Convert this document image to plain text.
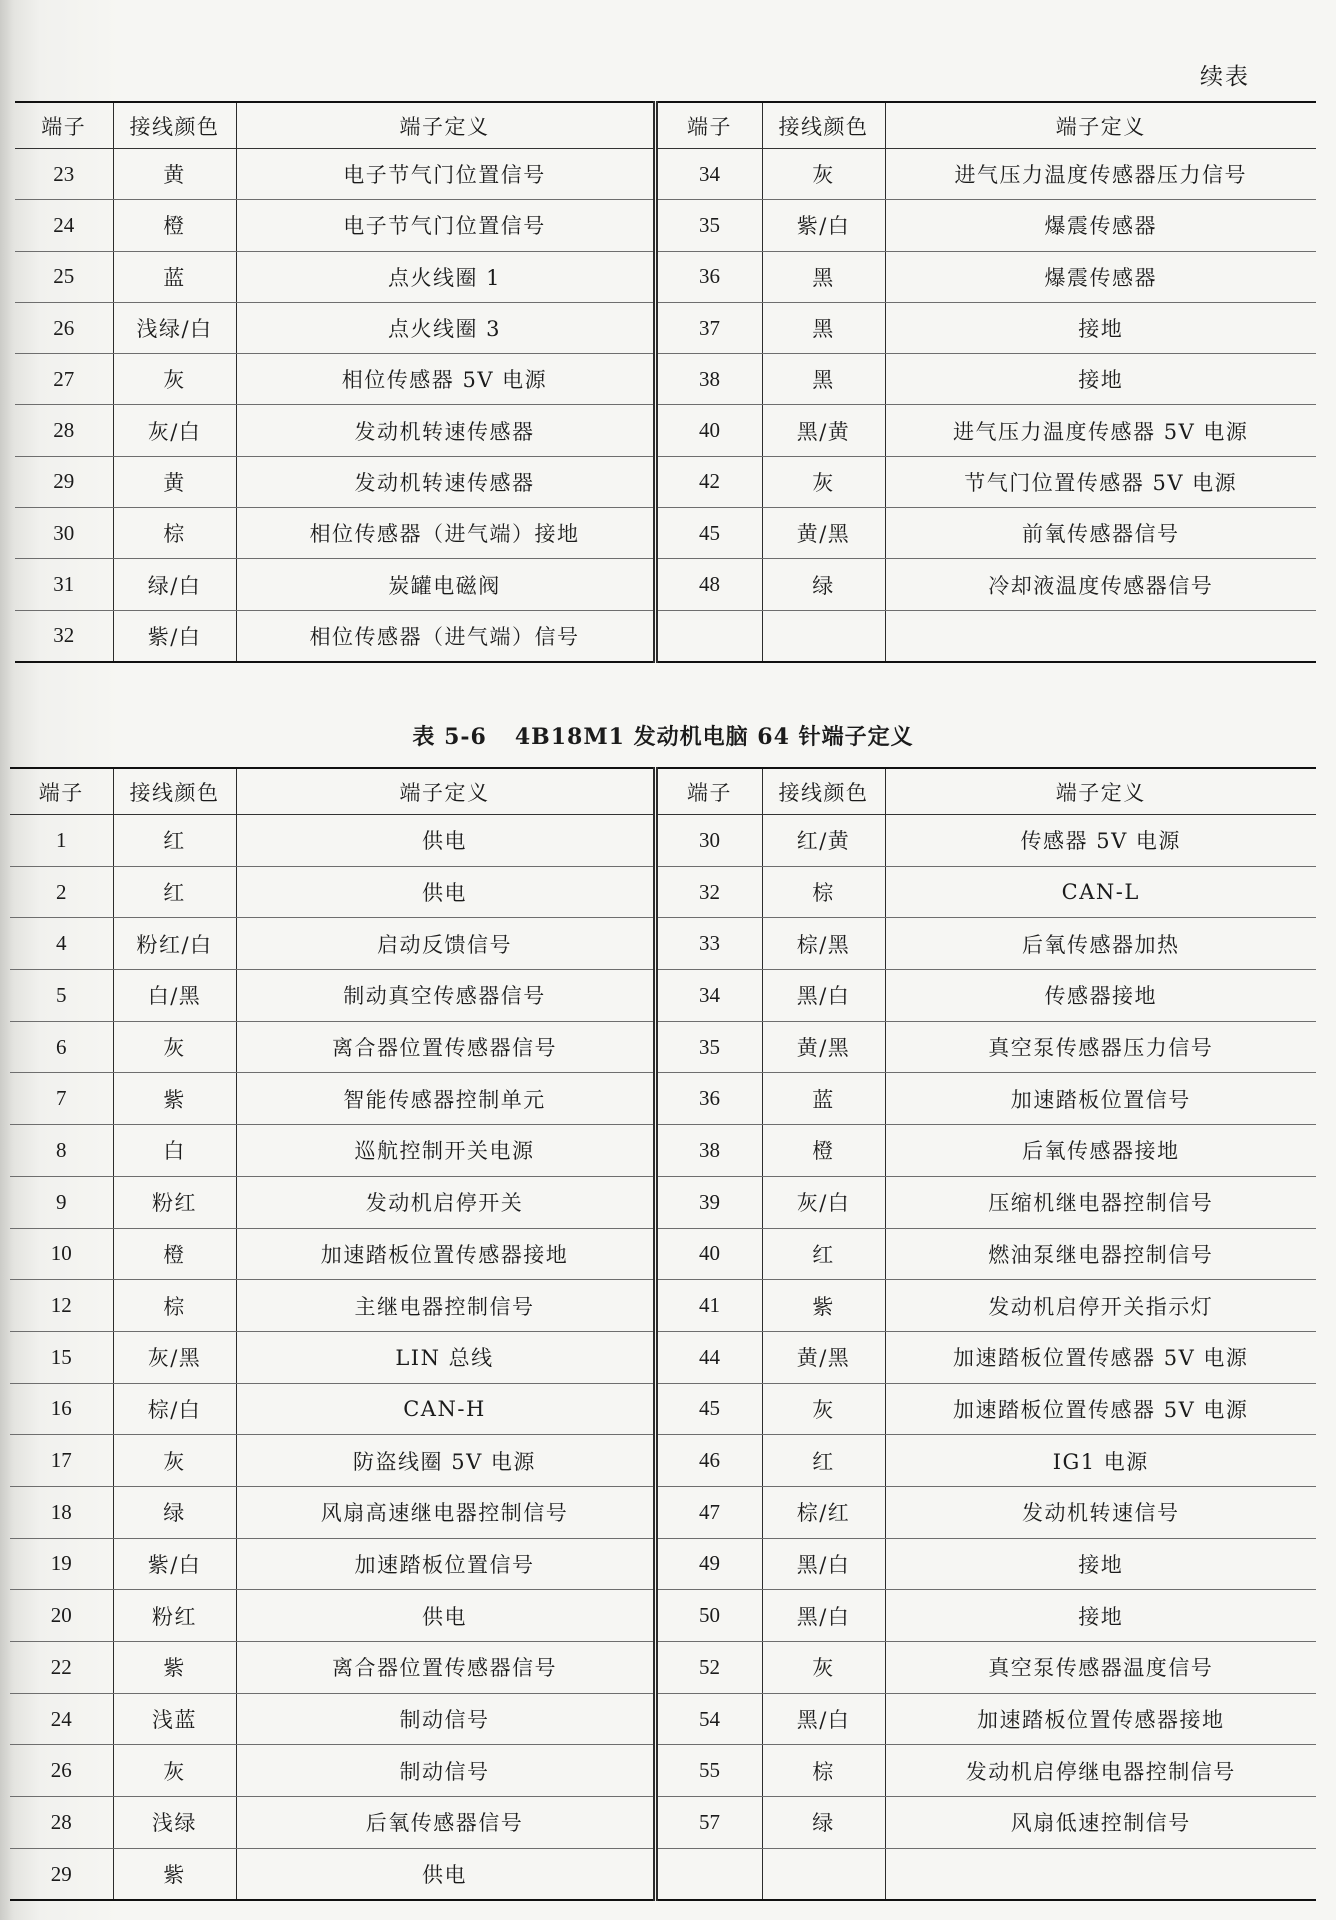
续表
端子	接线颜色	端子定义	端子	接线颜色	端子定义
23	黄	电子节气门位置信号	34	灰	进气压力温度传感器压力信号
24	橙	电子节气门位置信号	35	紫/白	爆震传感器
25	蓝	点火线圈 1	36	黑	爆震传感器
26	浅绿/白	点火线圈 3	37	黑	接地
27	灰	相位传感器 5V 电源	38	黑	接地
28	灰/白	发动机转速传感器	40	黑/黄	进气压力温度传感器 5V 电源
29	黄	发动机转速传感器	42	灰	节气门位置传感器 5V 电源
30	棕	相位传感器（进气端）接地	45	黄/黑	前氧传感器信号
31	绿/白	炭罐电磁阀	48	绿	冷却液温度传感器信号
32	紫/白	相位传感器（进气端）信号			
表 5-6 4B18M1 发动机电脑 64 针端子定义
端子	接线颜色	端子定义	端子	接线颜色	端子定义
1	红	供电	30	红/黄	传感器 5V 电源
2	红	供电	32	棕	CAN-L
4	粉红/白	启动反馈信号	33	棕/黑	后氧传感器加热
5	白/黑	制动真空传感器信号	34	黑/白	传感器接地
6	灰	离合器位置传感器信号	35	黄/黑	真空泵传感器压力信号
7	紫	智能传感器控制单元	36	蓝	加速踏板位置信号
8	白	巡航控制开关电源	38	橙	后氧传感器接地
9	粉红	发动机启停开关	39	灰/白	压缩机继电器控制信号
10	橙	加速踏板位置传感器接地	40	红	燃油泵继电器控制信号
12	棕	主继电器控制信号	41	紫	发动机启停开关指示灯
15	灰/黑	LIN 总线	44	黄/黑	加速踏板位置传感器 5V 电源
16	棕/白	CAN-H	45	灰	加速踏板位置传感器 5V 电源
17	灰	防盗线圈 5V 电源	46	红	IG1 电源
18	绿	风扇高速继电器控制信号	47	棕/红	发动机转速信号
19	紫/白	加速踏板位置信号	49	黑/白	接地
20	粉红	供电	50	黑/白	接地
22	紫	离合器位置传感器信号	52	灰	真空泵传感器温度信号
24	浅蓝	制动信号	54	黑/白	加速踏板位置传感器接地
26	灰	制动信号	55	棕	发动机启停继电器控制信号
28	浅绿	后氧传感器信号	57	绿	风扇低速控制信号
29	紫	供电			
